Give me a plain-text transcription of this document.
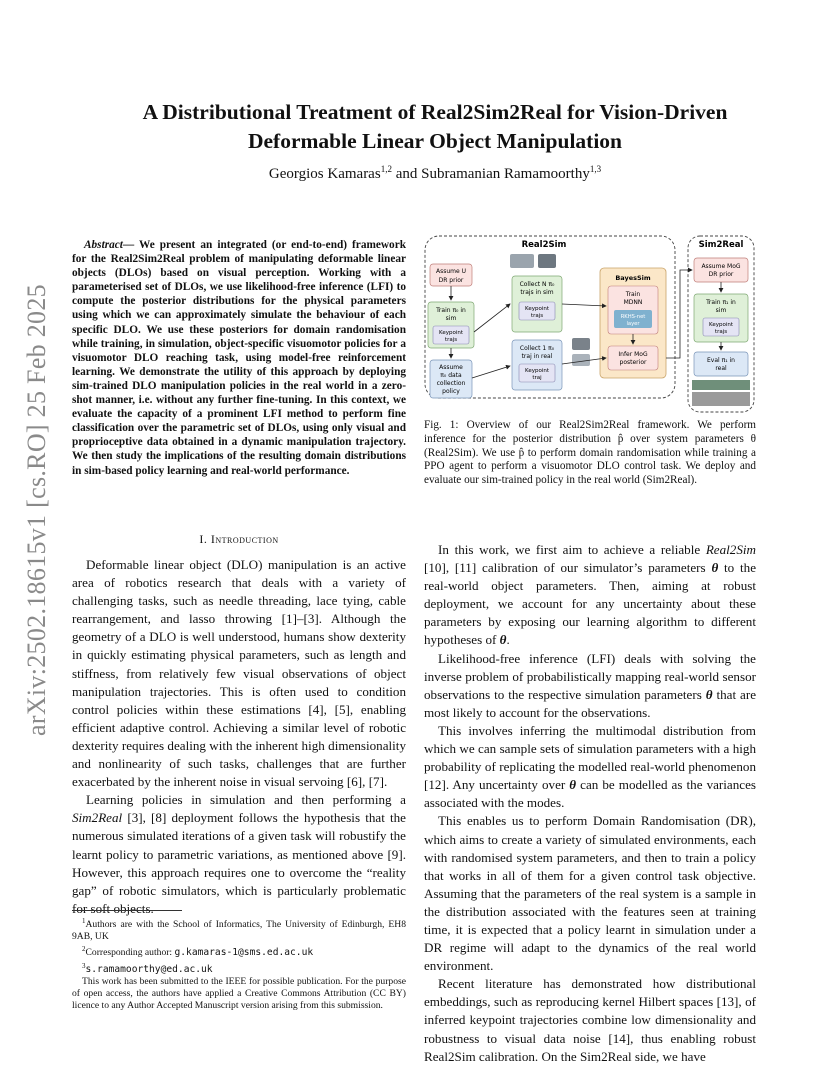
arXiv:2502.18615v1 [cs.RO] 25 Feb 2025
A Distributional Treatment of Real2Sim2Real for Vision-Driven
Deformable Linear Object Manipulation
Georgios Kamaras$^{1,2}$ and Subramanian Ramamoorthy$^{1,3}$
Abstract— We present an integrated (or end-to-end) framework for the Real2Sim2Real problem of manipulating deformable linear objects (DLOs) based on visual perception. Working with a parameterised set of DLOs, we use likelihood-free inference (LFI) to compute the posterior distributions for the physical parameters using which we can approximately simulate the behaviour of each specific DLO. We use these posteriors for domain randomisation while training, in simulation, object-specific visuomotor policies for a visuomotor DLO reaching task, using model-free reinforcement learning. We demonstrate the utility of this approach by deploying sim-trained DLO manipulation policies in the real world in a zero-shot manner, i.e. without any further fine-tuning. In this context, we evaluate the capacity of a prominent LFI method to perform fine classification over the parametric set of DLOs, using only visual and proprioceptive data obtained in a dynamic manipulation trajectory. We then study the implications of the resulting domain distributions in sim-based policy learning and real-world performance.
I. Introduction

Deformable linear object (DLO) manipulation is an active area of robotics research that deals with a variety of challenging tasks, such as needle threading, lace tying, cable rearrangement, and lasso throwing [1]–[3]. Although the geometry of a DLO is well understood, humans show dexterity in quickly estimating physical parameters, such as length and stiffness, from relatively few visual observations of object manipulation trajectories. This is often used to condition control policies within these estimations [4], [5], enabling efficient adaptive control. Achieving a similar level of robotic dexterity requires dealing with the inherent high dimensionality and nonlinearity of such tasks, challenges that are further exacerbated by the inherent noise in visual servoing [6], [7].

Learning policies in simulation and then performing a Sim2Real [3], [8] deployment follows the hypothesis that the numerous simulated iterations of a given task will robustify the learnt policy to parametric variations, as mentioned above [9]. However, this approach requires one to overcome the “reality gap” of robotic simulators, which is particularly problematic for soft objects.

$^1$Authors are with the School of Informatics, The University of Edinburgh, EH8 9AB, UK
$^2$Corresponding author: g.kamaras-1@sms.ed.ac.uk
$^3$s.ramamoorthy@ed.ac.uk
This work has been submitted to the IEEE for possible publication. For the purpose of open access, the authors have applied a Creative Commons Attribution (CC BY) licence to any Author Accepted Manuscript version arising from this submission.
Real2Sim	Sim2Real
Assume U
DR prior
Train π₀ in
sim
Keypoint
trajs
Assume
π₀ data
collection
policy
Collect N π₀
trajs in sim
Keypoint
trajs
Collect 1 π₀
traj in real
Keypoint
traj
BayesSim
Train
MDNN
RKHS-net
layer
Infer MoG
posterior
Assume MoG
DR prior
Train π₁ in
sim
Keypoint
trajs
Eval π₁ in
real
Fig. 1: Overview of our Real2Sim2Real framework. We perform inference for the posterior distribution p̂ over system parameters θ (Real2Sim). We use p̂ to perform domain randomisation while training a PPO agent to perform a visuomotor DLO control task. We deploy and evaluate our sim-trained policy in the real world (Sim2Real).

In this work, we first aim to achieve a reliable Real2Sim [10], [11] calibration of our simulator’s parameters θ to the real-world object parameters. Then, aiming at robust deployment, we account for any uncertainty about these parameters by exposing our learning algorithm to different hypotheses of θ.

Likelihood-free inference (LFI) deals with solving the inverse problem of probabilistically mapping real-world sensor observations to the respective simulation parameters θ that are most likely to account for the observations.

This involves inferring the multimodal distribution from which we can sample sets of simulation parameters with a high probability of replicating the modelled real-world phenomenon [12]. Any uncertainty over θ can be modelled as the variances associated with the modes.

This enables us to perform Domain Randomisation (DR), which aims to create a variety of simulated environments, each with randomised system parameters, and then to train a policy that works in all of them for a given control task objective. Assuming that the parameters of the real system is a sample in the distribution associated with the features seen at training time, it is expected that a policy learnt in simulation under a DR regime will adapt to the dynamics of the real world environment.

Recent literature has demonstrated how distributional embeddings, such as reproducing kernel Hilbert spaces [13], of inferred keypoint trajectories combine low dimensionality and robustness to visual data noise [14], thus enabling robust Real2Sim calibration. On the Sim2Real side, we have
